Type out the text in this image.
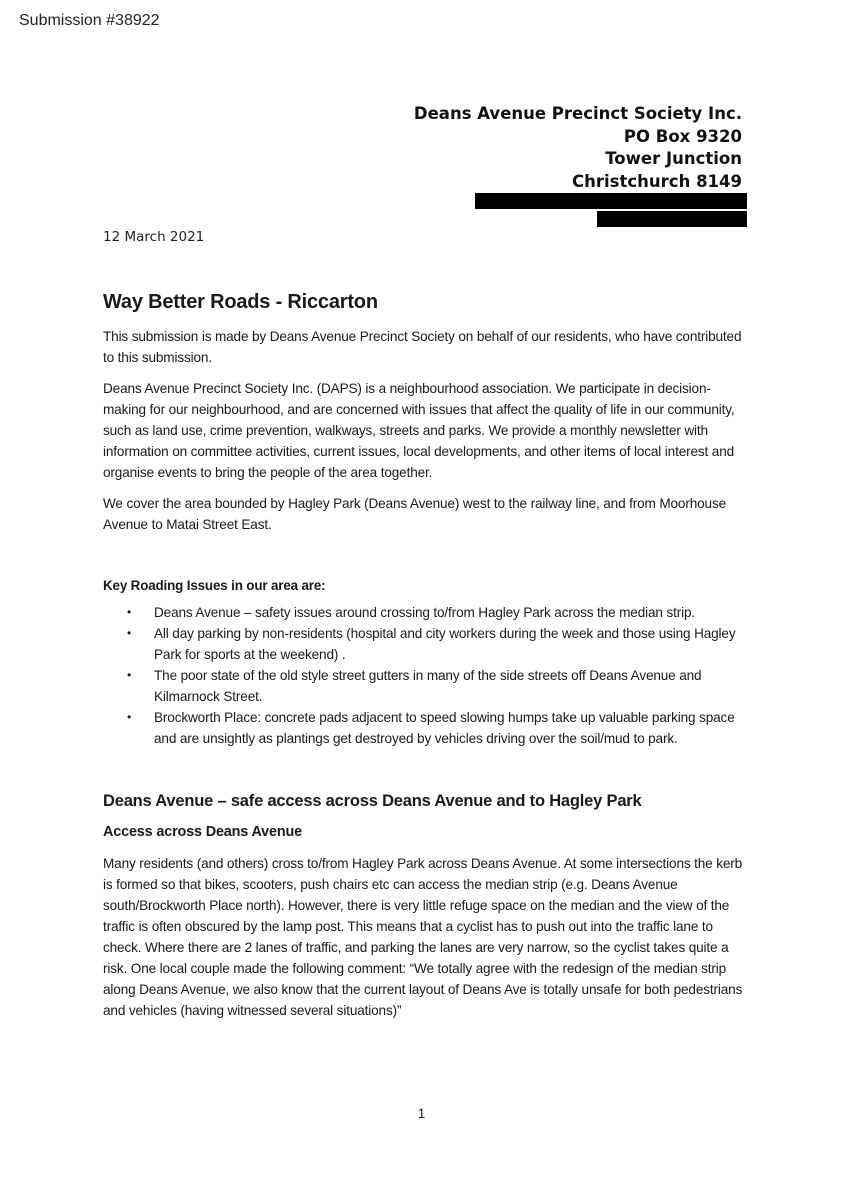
Submission #38922
Deans Avenue Precinct Society Inc.
PO Box 9320
Tower Junction
Christchurch 8149
12 March 2021
Way Better Roads - Riccarton

This submission is made by Deans Avenue Precinct Society on behalf of our residents, who have contributed to this submission.

Deans Avenue Precinct Society Inc. (DAPS) is a neighbourhood association. We participate in decision-making for our neighbourhood, and are concerned with issues that affect the quality of life in our community, such as land use, crime prevention, walkways, streets and parks. We provide a monthly newsletter with information on committee activities, current issues, local developments, and other items of local interest and organise events to bring the people of the area together.

We cover the area bounded by Hagley Park (Deans Avenue) west to the railway line, and from Moorhouse Avenue to Matai Street East.

Key Roading Issues in our area are:
• Deans Avenue – safety issues around crossing to/from Hagley Park across the median strip.
• All day parking by non-residents (hospital and city workers during the week and those using Hagley Park for sports at the weekend) .
• The poor state of the old style street gutters in many of the side streets off Deans Avenue and Kilmarnock Street.
• Brockworth Place: concrete pads adjacent to speed slowing humps take up valuable parking space and are unsightly as plantings get destroyed by vehicles driving over the soil/mud to park.
Deans Avenue – safe access across Deans Avenue and to Hagley Park
Access across Deans Avenue

Many residents (and others) cross to/from Hagley Park across Deans Avenue. At some intersections the kerb is formed so that bikes, scooters, push chairs etc can access the median strip (e.g. Deans Avenue south/Brockworth Place north). However, there is very little refuge space on the median and the view of the traffic is often obscured by the lamp post. This means that a cyclist has to push out into the traffic lane to check. Where there are 2 lanes of traffic, and parking the lanes are very narrow, so the cyclist takes quite a risk. One local couple made the following comment: “We totally agree with the redesign of the median strip along Deans Avenue, we also know that the current layout of Deans Ave is totally unsafe for both pedestrians and vehicles (having witnessed several situations)”

1
